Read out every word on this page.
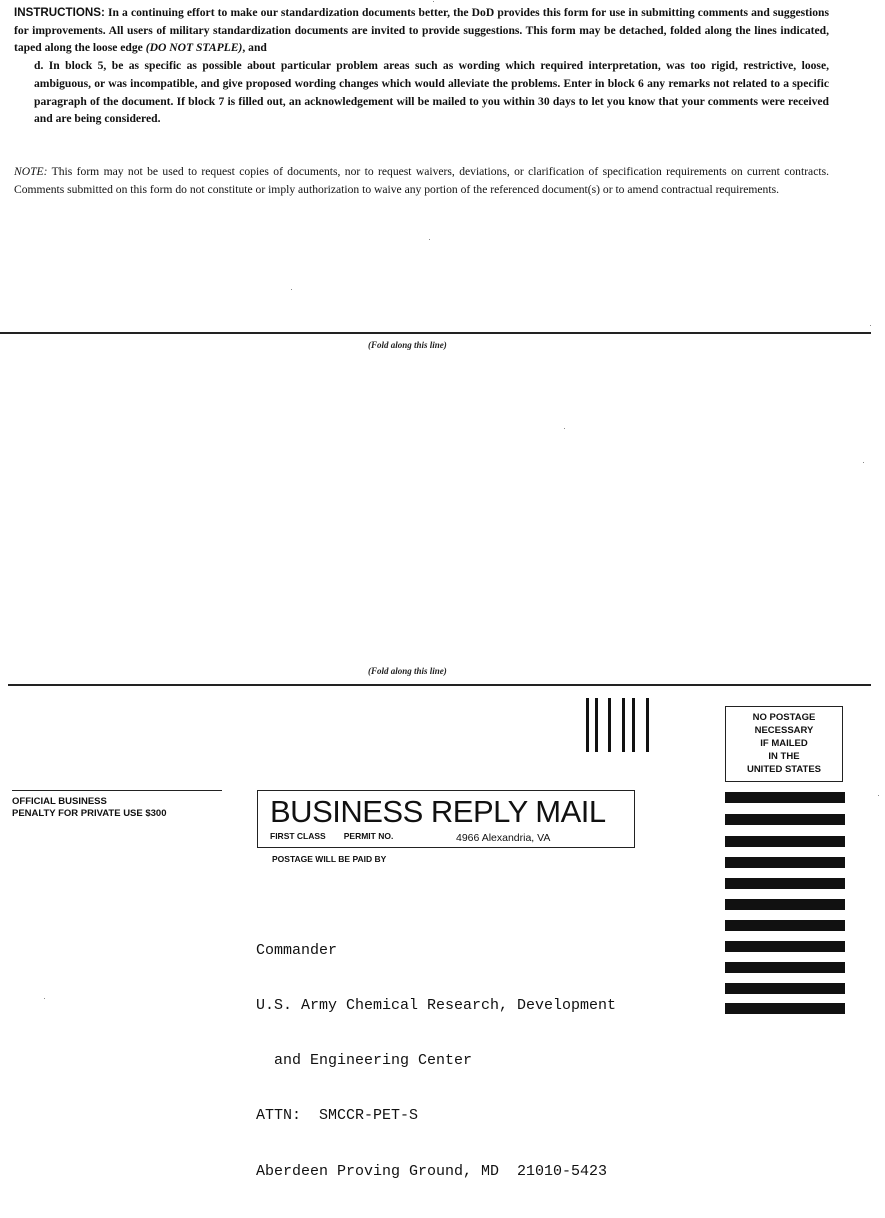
INSTRUCTIONS: In a continuing effort to make our standardization documents better, the DoD provides this form for use in submitting comments and suggestions for improvements. All users of military standardization documents are invited to provide suggestions. This form may be detached, folded along the lines indicated, taped along the loose edge (DO NOT STAPLE), and
d. In block 5, be as specific as possible about particular problem areas such as wording which required interpretation, was too rigid, restrictive, loose, ambiguous, or was incompatible, and give proposed wording changes which would alleviate the problems. Enter in block 6 any remarks not related to a specific paragraph of the document. If block 7 is filled out, an acknowledgement will be mailed to you within 30 days to let you know that your comments were received and are being considered.
NOTE: This form may not be used to request copies of documents, nor to request waivers, deviations, or clarification of specification requirements on current contracts. Comments submitted on this form do not constitute or imply authorization to waive any portion of the referenced document(s) or to amend contractual requirements.
(Fold along this line)
(Fold along this line)
NO POSTAGE
NECESSARY
IF MAILED
IN THE
UNITED STATES
OFFICIAL BUSINESS
PENALTY FOR PRIVATE USE $300	BUSINESS REPLY MAIL
FIRST CLASS PERMIT NO.	4966 Alexandria, VA
POSTAGE WILL BE PAID BY

Commander

U.S. Army Chemical Research, Development

and Engineering Center

ATTN:  SMCCR-PET-S

Aberdeen Proving Ground, MD  21010-5423
